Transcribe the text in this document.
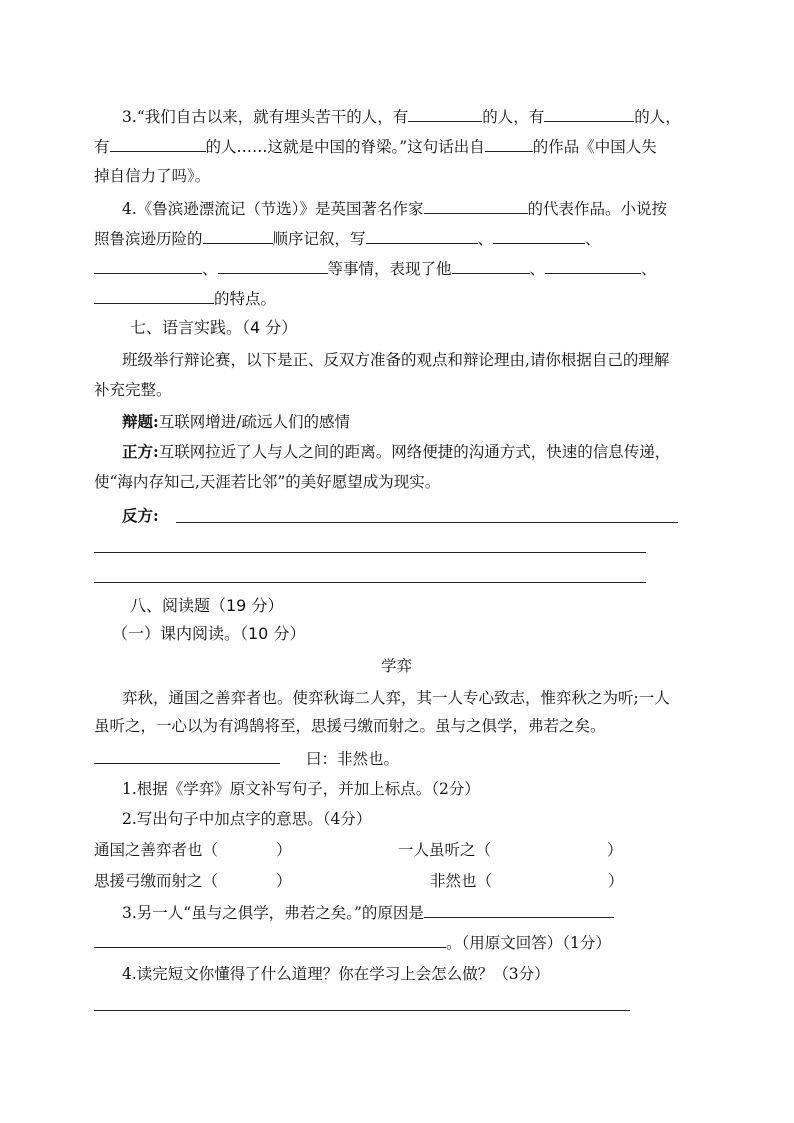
3.“我们自古以来，就有埋头苦干的人，有	的人，有	的人，
有	的人……这就是中国的脊梁。”这句话出自	的作品《中国人失
掉自信力了吗》。
4.《鲁滨逊漂流记（节选）》是英国著名作家	的代表作品。小说按
照鲁滨逊历险的	顺序记叙，写	、	、
、	等事情，表现了他	、	、
的特点。
七、语言实践。（4 分）
班级举行辩论赛，以下是正、反双方准备的观点和辩论理由,请你根据自己的理解
补充完整。
辩题:互联网增进/疏远人们的感情
正方:互联网拉近了人与人之间的距离。网络便捷的沟通方式，快速的信息传递，
使“海内存知己,天涯若比邻”的美好愿望成为现实。
反方:
八、阅读题（19 分）
（一）课内阅读。（10 分）
学弈
弈秋，通国之善弈者也。使弈秋诲二人弈，其一人专心致志，惟弈秋之为听;一人
虽听之，一心以为有鸿鹄将至，思援弓缴而射之。虽与之俱学，弗若之矣。
曰：非然也。
1.根据《学弈》原文补写句子，并加上标点。（2分）
2.写出句子中加点字的意思。（4分）
通国之善弈者也（	）	一人虽听之（	）
思援弓缴而射之（	）	非然也（	）
3.另一人“虽与之俱学，弗若之矣。”的原因是
。（用原文回答）（1分）
4.读完短文你懂得了什么道理？你在学习上会怎么做？（3分）
